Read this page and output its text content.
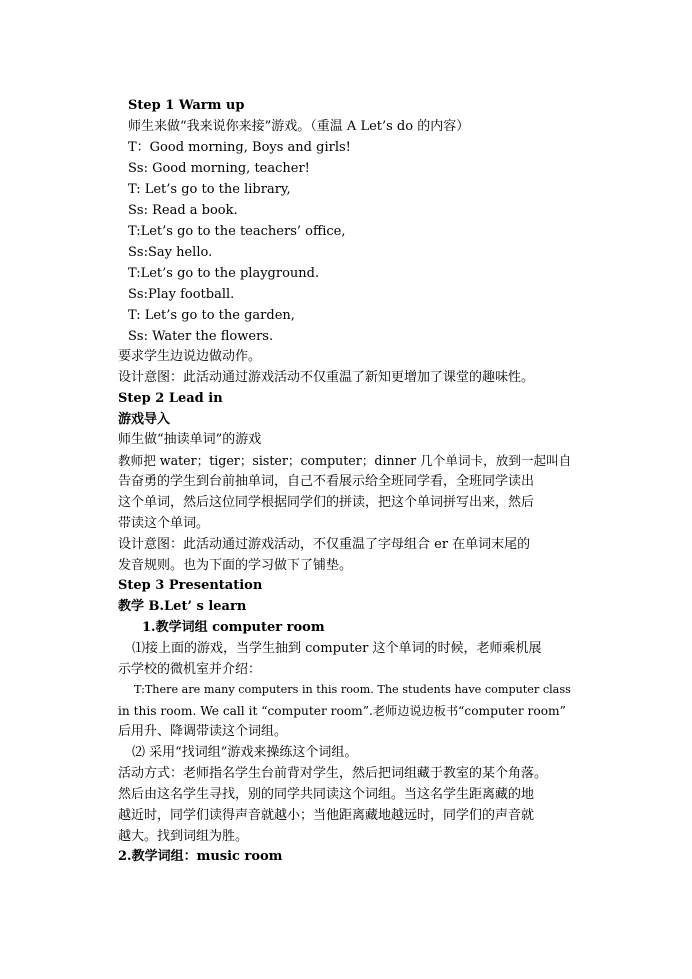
Step 1 Warm up
师生来做“我来说你来接”游戏。（重温 A Let’s do 的内容）
T：Good morning, Boys and girls!
Ss: Good morning, teacher!
T: Let’s go to the library,
Ss: Read a book.
T:Let’s go to the teachers’ office,
Ss:Say hello.
T:Let’s go to the playground.
Ss:Play football.
T: Let’s go to the garden,
Ss: Water the flowers.
要求学生边说边做动作。
设计意图：此活动通过游戏活动不仅重温了新知更增加了课堂的趣味性。
Step 2 Lead in
游戏导入
师生做“抽读单词”的游戏
教师把 water；tiger；sister；computer；dinner 几个单词卡，放到一起叫自
告奋勇的学生到台前抽单词，自己不看展示给全班同学看，全班同学读出
这个单词，然后这位同学根据同学们的拼读，把这个单词拼写出来，然后
带读这个单词。
设计意图：此活动通过游戏活动，不仅重温了字母组合 er 在单词末尾的
发音规则。也为下面的学习做下了铺垫。
Step 3 Presentation
教学 B.Let’ s learn
1.教学词组 computer room
⑴接上面的游戏，当学生抽到 computer 这个单词的时候，老师乘机展
示学校的微机室并介绍：
T:There are many computers in this room. The students have computer class
in this room. We call it “computer room”.老师边说边板书“computer room”
后用升、降调带读这个词组。
⑵ 采用“找词组”游戏来操练这个词组。
活动方式：老师指名学生台前背对学生，然后把词组藏于教室的某个角落。
然后由这名学生寻找，别的同学共同读这个词组。当这名学生距离藏的地
越近时，同学们读得声音就越小；当他距离藏地越远时，同学们的声音就
越大。找到词组为胜。
2.教学词组：music room
